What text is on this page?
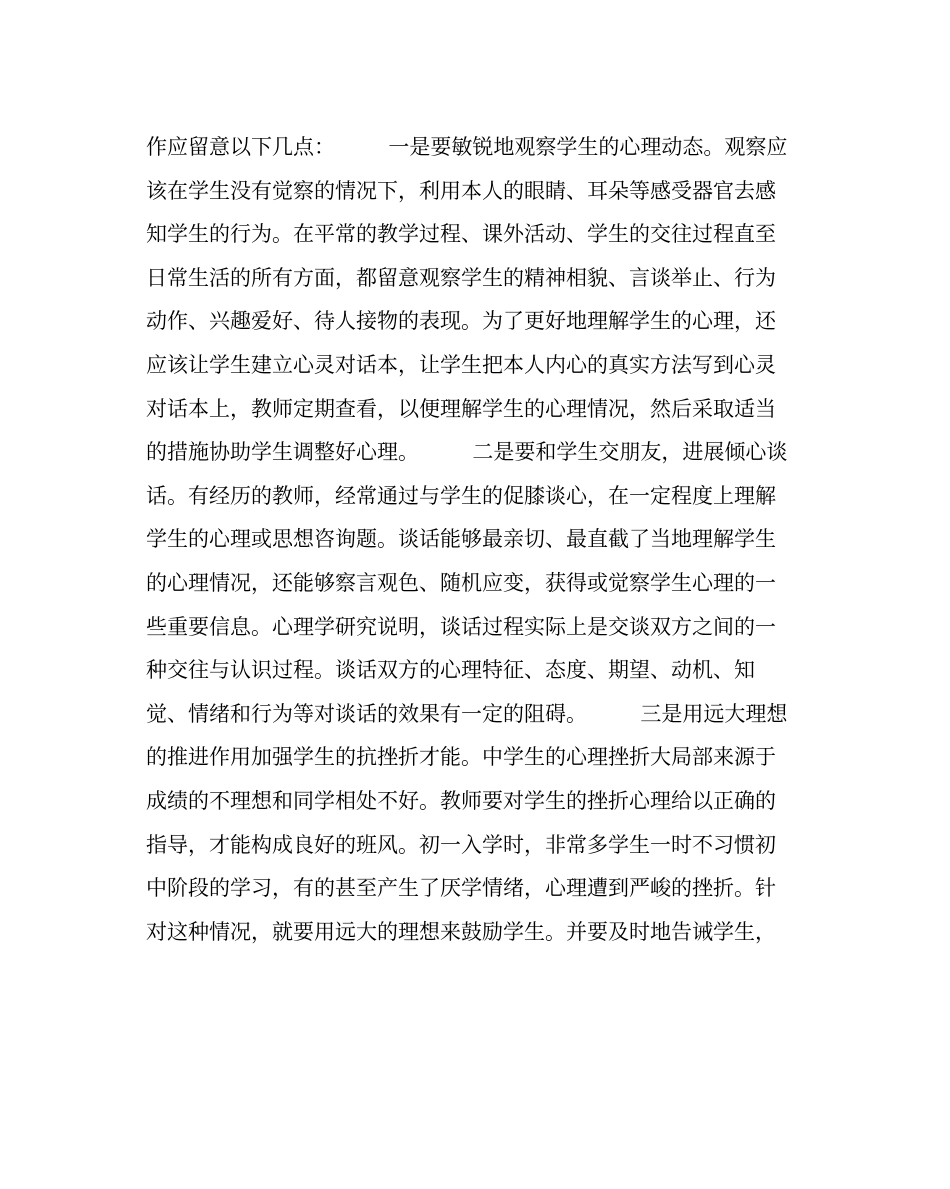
作应留意以下几点：        一是要敏锐地观察学生的心理动态。观察应
该在学生没有觉察的情况下，利用本人的眼睛、耳朵等感受器官去感
知学生的行为。在平常的教学过程、课外活动、学生的交往过程直至
日常生活的所有方面，都留意观察学生的精神相貌、言谈举止、行为
动作、兴趣爱好、待人接物的表现。为了更好地理解学生的心理，还
应该让学生建立心灵对话本，让学生把本人内心的真实方法写到心灵
对话本上，教师定期查看，以便理解学生的心理情况，然后采取适当
的措施协助学生调整好心理。        二是要和学生交朋友，进展倾心谈
话。有经历的教师，经常通过与学生的促膝谈心，在一定程度上理解
学生的心理或思想咨询题。谈话能够最亲切、最直截了当地理解学生
的心理情况，还能够察言观色、随机应变，获得或觉察学生心理的一
些重要信息。心理学研究说明，谈话过程实际上是交谈双方之间的一
种交往与认识过程。谈话双方的心理特征、态度、期望、动机、知
觉、情绪和行为等对谈话的效果有一定的阻碍。        三是用远大理想
的推进作用加强学生的抗挫折才能。中学生的心理挫折大局部来源于
成绩的不理想和同学相处不好。教师要对学生的挫折心理给以正确的
指导，才能构成良好的班风。初一入学时，非常多学生一时不习惯初
中阶段的学习，有的甚至产生了厌学情绪，心理遭到严峻的挫折。针
对这种情况，就要用远大的理想来鼓励学生。并要及时地告诫学生，
